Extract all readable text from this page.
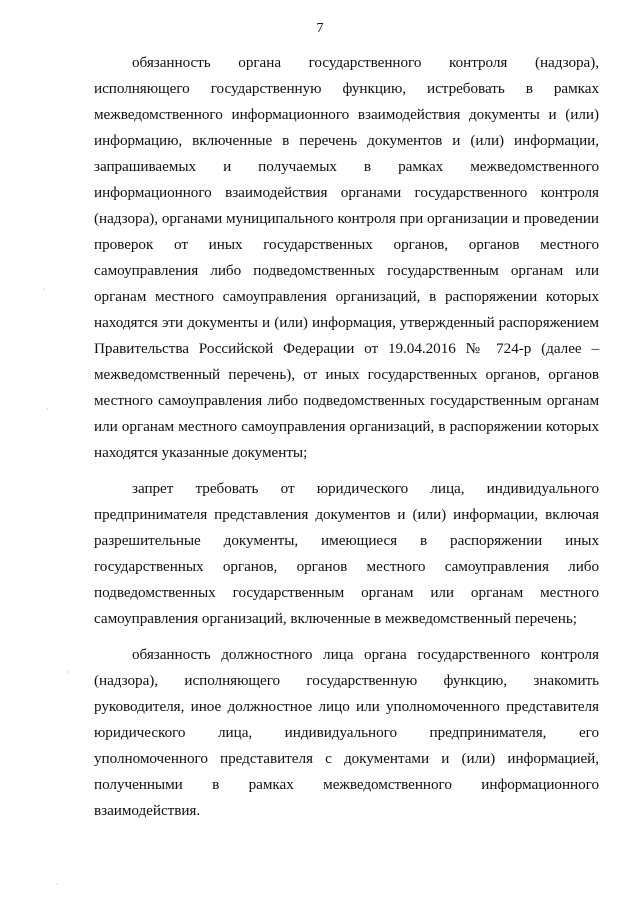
7

обязанность органа государственного контроля (надзора), исполняющего государственную функцию, истребовать в рамках межведомственного информационного взаимодействия документы и (или) информацию, включенные в перечень документов и (или) информации, запрашиваемых и получаемых в рамках межведомственного информационного взаимодействия органами государственного контроля (надзора), органами муниципального контроля при организации и проведении проверок от иных государственных органов, органов местного самоуправления либо подведомственных государственным органам или органам местного самоуправления организаций, в распоряжении которых находятся эти документы и (или) информация, утвержденный распоряжением Правительства Российской Федерации от 19.04.2016 № 724-р (далее – межведомственный перечень), от иных государственных органов, органов местного самоуправления либо подведомственных государственным органам или органам местного самоуправления организаций, в распоряжении которых находятся указанные документы;

запрет требовать от юридического лица, индивидуального предпринимателя представления документов и (или) информации, включая разрешительные документы, имеющиеся в распоряжении иных государственных органов, органов местного самоуправления либо подведомственных государственным органам или органам местного самоуправления организаций, включенные в межведомственный перечень;

обязанность должностного лица органа государственного контроля (надзора), исполняющего государственную функцию, знакомить руководителя, иное должностное лицо или уполномоченного представителя юридического лица, индивидуального предпринимателя, его уполномоченного представителя с документами и (или) информацией, полученными в рамках межведомственного информационного взаимодействия.

·
·
·
·
